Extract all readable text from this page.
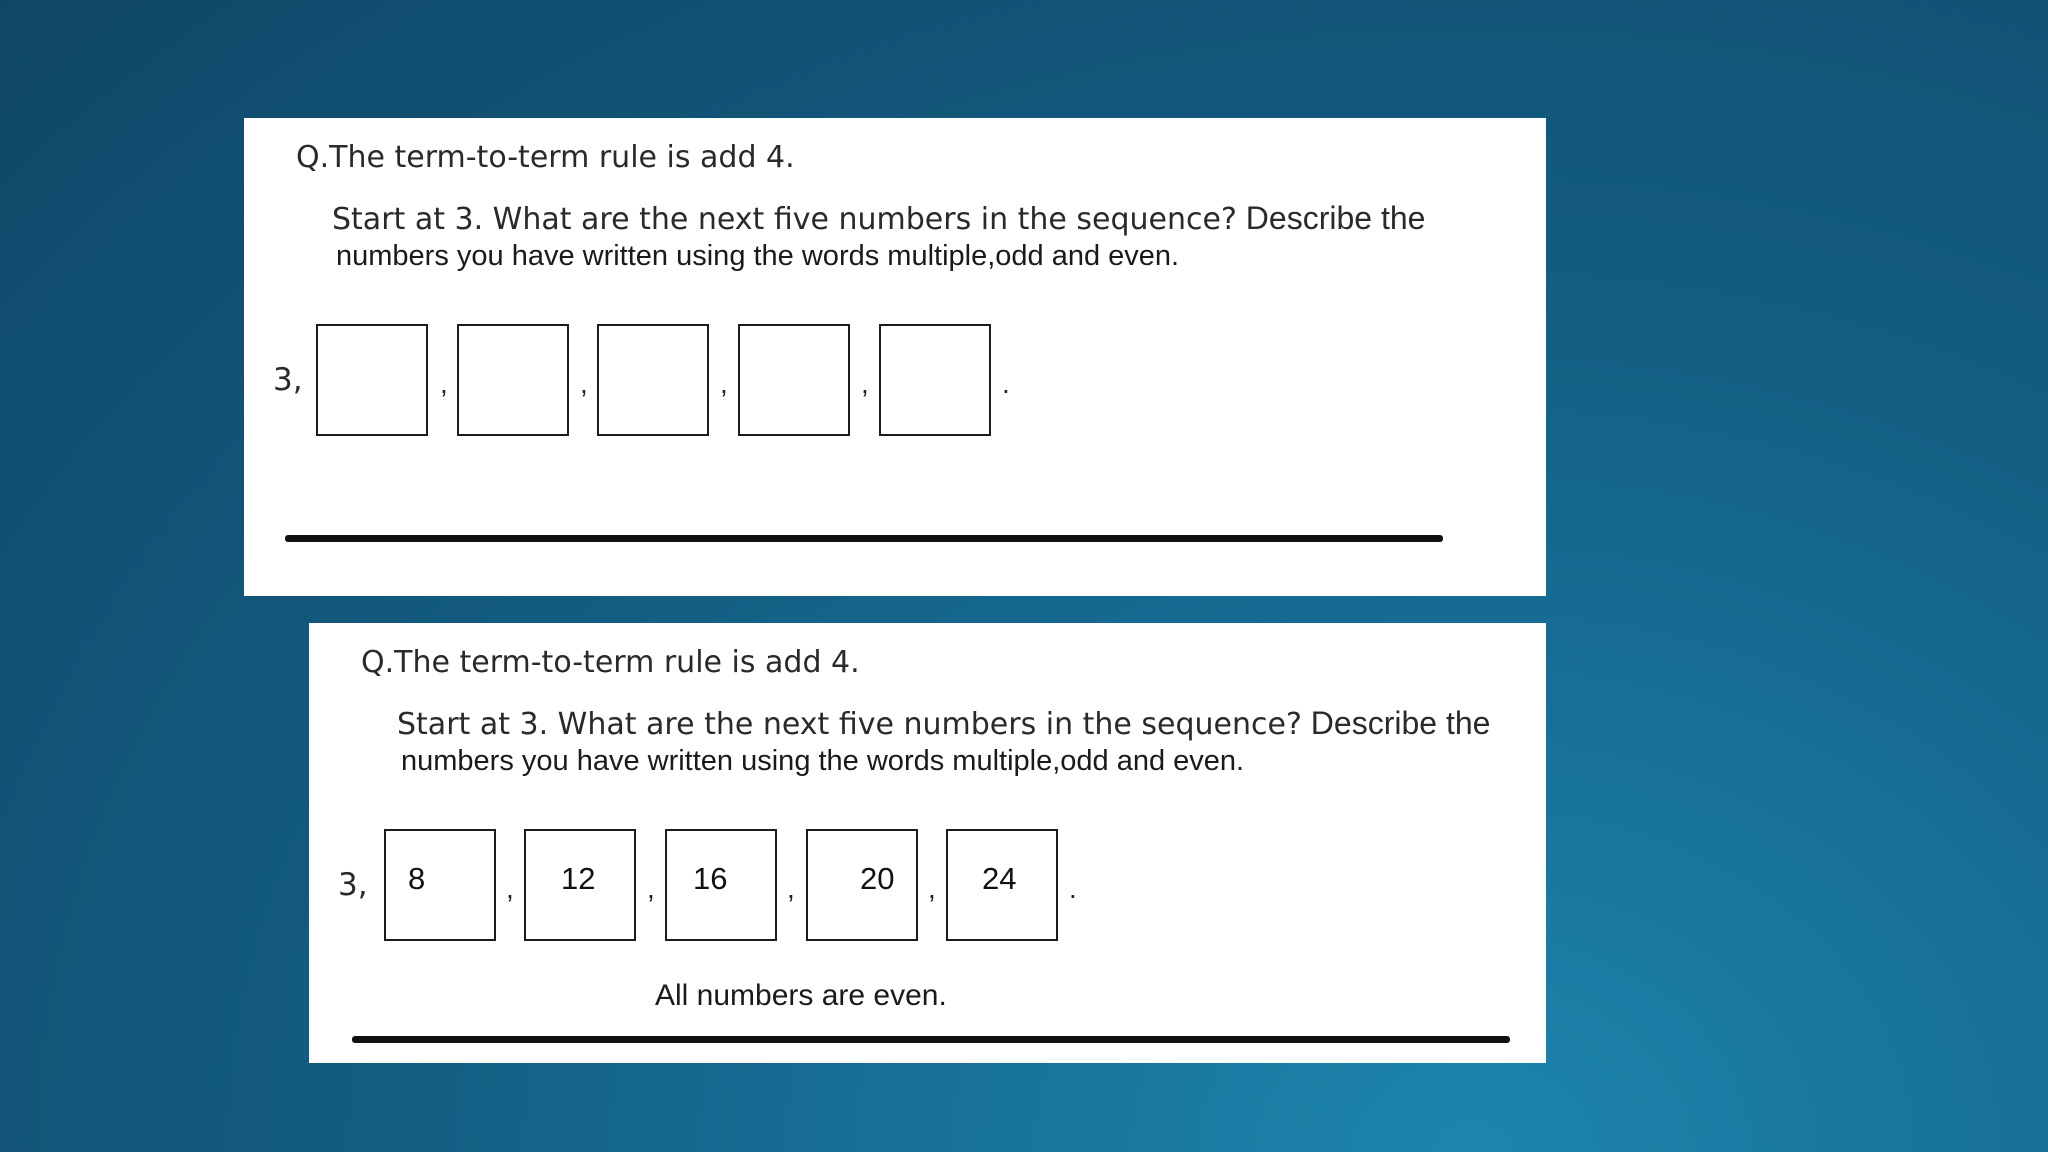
Q.The term-to-term rule is add 4.

Start at 3. What are the next five numbers in the sequence? Describe the

numbers you have written using the words multiple,odd and even.

3,	,	,	,	,	.

Q.The term-to-term rule is add 4.

Start at 3. What are the next five numbers in the sequence? Describe the

numbers you have written using the words multiple,odd and even.

3, 8	, 12 , 16 , 20 , 24 .

All numbers are even.
